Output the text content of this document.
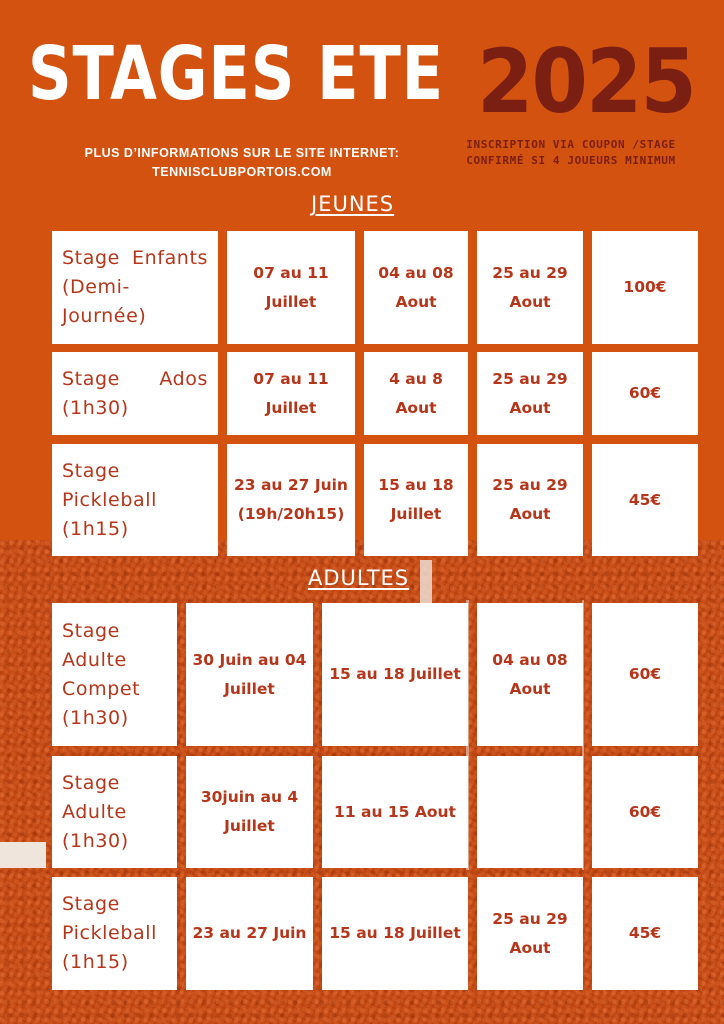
STAGES ETE 2025
PLUS D’INFORMATIONS SUR LE SITE INTERNET:
TENNISCLUBPORTOIS.COM
INSCRIPTION VIA COUPON /STAGE CONFIRMÉ SI 4 JOUEURS MINIMUM
JEUNES
ADULTES
Stage Enfants (Demi-Journée)
07 au 11
Juillet
04 au 08
Aout
25 au 29
Aout
100€
Stage Ados (1h30)
07 au 11
Juillet
4 au 8
Aout
25 au 29
Aout
60€
Stage Pickleball (1h15)
23 au 27 Juin
(19h/20h15)
15 au 18
Juillet
25 au 29
Aout
45€
Stage Adulte Compet (1h30)
30 Juin au 04
Juillet
15 au 18 Juillet
04 au 08
Aout
60€
Stage Adulte (1h30)
30juin au 4
Juillet
11 au 15 Aout	60€
Stage Pickleball (1h15)
23 au 27 Juin 15 au 18 Juillet
25 au 29
Aout
45€
